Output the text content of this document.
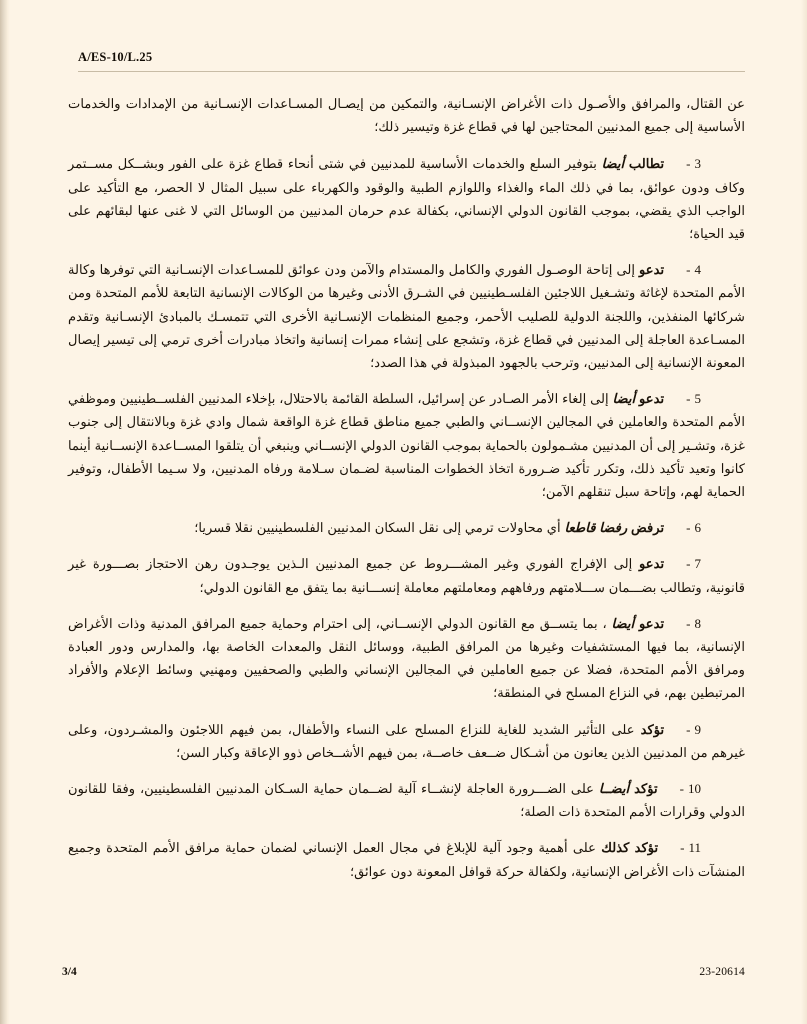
A/ES-10/L.25

عن القتال، والمرافق والأصـول ذات الأغراض الإنسـانية، والتمكين من إيصـال المسـاعدات الإنسـانية من الإمدادات والخدمات الأساسية إلى جميع المدنيين المحتاجين لها في قطاع غزة وتيسير ذلك؛

3-تطالب أيضا بتوفير السلع والخدمات الأساسية للمدنيين في شتى أنحاء قطاع غزة على الفور وبشــكل مســتمر وكاف ودون عوائق، بما في ذلك الماء والغذاء واللوازم الطبية والوقود والكهرباء على سبيل المثال لا الحصر، مع التأكيد على الواجب الذي يقضي، بموجب القانون الدولي الإنساني، بكفالة عدم حرمان المدنيين من الوسائل التي لا غنى عنها لبقائهم على قيد الحياة؛

4-تدعو إلى إتاحة الوصـول الفوري والكامل والمستدام والآمن ودن عوائق للمسـاعدات الإنسـانية التي توفرها وكالة الأمم المتحدة لإغاثة وتشـغيل اللاجئين الفلسـطينيين في الشـرق الأدنى وغيرها من الوكالات الإنسانية التابعة للأمم المتحدة ومن شركائها المنفذين، واللجنة الدولية للصليب الأحمر، وجميع المنظمات الإنسـانية الأخرى التي تتمسـك بالمبادئ الإنسـانية وتقدم المسـاعدة العاجلة إلى المدنيين في قطاع غزة، وتشجع على إنشاء ممرات إنسانية واتخاذ مبادرات أخرى ترمي إلى تيسير إيصال المعونة الإنسانية إلى المدنيين، وترحب بالجهود المبذولة في هذا الصدد؛

5-تدعو أيضا إلى إلغاء الأمر الصـادر عن إسرائيل، السلطة القائمة بالاحتلال، بإخلاء المدنيين الفلســطينيين وموظفي الأمم المتحدة والعاملين في المجالين الإنســاني والطبي جميع مناطق قطاع غزة الواقعة شمال وادي غزة وبالانتقال إلى جنوب غزة، وتشـير إلى أن المدنيين مشـمولون بالحماية بموجب القانون الدولي الإنســاني وينبغي أن يتلقوا المســاعدة الإنســانية أينما كانوا وتعيد تأكيد ذلك، وتكرر تأكيد ضـرورة اتخاذ الخطوات المناسبة لضـمان سـلامة ورفاه المدنيين، ولا سـيما الأطفال، وتوفير الحماية لهم، وإتاحة سبل تنقلهم الآمن؛

6-ترفض رفضا قاطعا أي محاولات ترمي إلى نقل السكان المدنيين الفلسطينيين نقلا قسريا؛

7-تدعو إلى الإفراج الفوري وغير المشـــروط عن جميع المدنيين الـذين يوجـدون رهن الاحتجاز بصـــورة غير قانونية، وتطالب بضـــمان ســـلامتهم ورفاههم ومعاملتهم معاملة إنســـانية بما يتفق مع القانون الدولي؛

8-تدعو أيضا ، بما يتســق مع القانون الدولي الإنســاني، إلى احترام وحماية جميع المرافق المدنية وذات الأغراض الإنسانية، بما فيها المستشفيات وغيرها من المرافق الطبية، ووسائل النقل والمعدات الخاصة بها، والمدارس ودور العبادة ومرافق الأمم المتحدة، فضلا عن جميع العاملين في المجالين الإنساني والطبي والصحفيين ومهنيي وسائط الإعلام والأفراد المرتبطين بهم، في النزاع المسلح في المنطقة؛

9-تؤكد على التأثير الشديد للغاية للنزاع المسلح على النساء والأطفال، بمن فيهم اللاجئون والمشـردون، وعلى غيرهم من المدنيين الذين يعانون من أشـكال ضــعف خاصــة، بمن فيهم الأشــخاص ذوو الإعاقة وكبار السن؛

10-تؤكد أيضــا على الضـــرورة العاجلة لإنشــاء آلية لضــمان حماية السـكان المدنيين الفلسطينيين، وفقا للقانون الدولي وقرارات الأمم المتحدة ذات الصلة؛

11-تؤكد كذلك على أهمية وجود آلية للإبلاغ في مجال العمل الإنساني لضمان حماية مرافق الأمم المتحدة وجميع المنشآت ذات الأغراض الإنسانية، ولكفالة حركة قوافل المعونة دون عوائق؛

3/4	23-20614
